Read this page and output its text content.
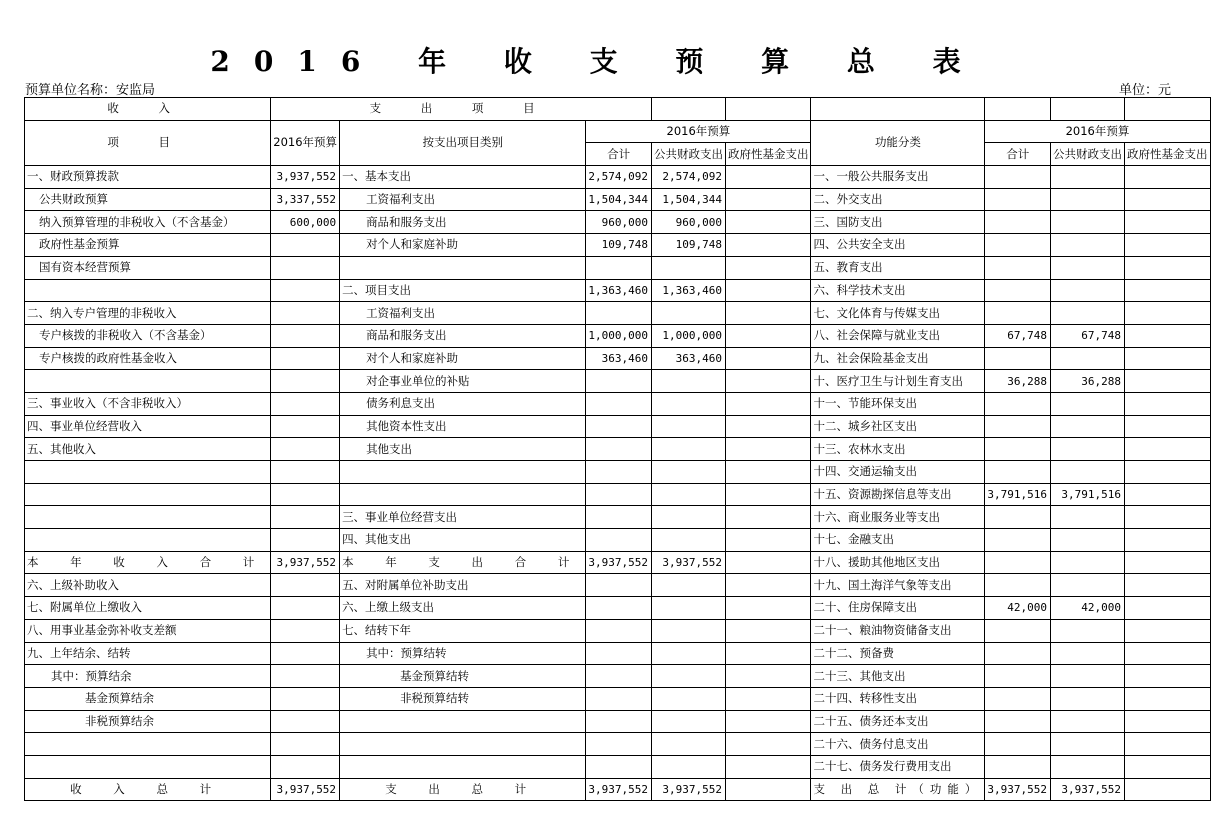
2016 年 收 支 预 算 总 表
预算单位名称：安监局	单位：元
收 入	支 出 项 目								
项 目	2016年预算	按支出项目类别	2016年预算			功能分类	2016年预算		
			合计	公共财政支出	政府性基金支出		合计	公共财政支出	政府性基金支出
一、财政预算拨款	3,937,552	一、基本支出	2,574,092	2,574,092		一、一般公共服务支出			
公共财政预算	3,337,552	工资福利支出	1,504,344	1,504,344		二、外交支出			
纳入预算管理的非税收入（不含基金）	600,000	商品和服务支出	960,000	960,000		三、国防支出			
政府性基金预算		对个人和家庭补助	109,748	109,748		四、公共安全支出			
国有资本经营预算						五、教育支出			
		二、项目支出	1,363,460	1,363,460		六、科学技术支出			
二、纳入专户管理的非税收入		工资福利支出				七、文化体育与传媒支出			
专户核拨的非税收入（不含基金）		商品和服务支出	1,000,000	1,000,000		八、社会保障与就业支出	67,748	67,748	
专户核拨的政府性基金收入		对个人和家庭补助	363,460	363,460		九、社会保险基金支出			
		对企事业单位的补贴				十、医疗卫生与计划生育支出	36,288	36,288	
三、事业收入（不含非税收入）		债务利息支出				十一、节能环保支出			
四、事业单位经营收入		其他资本性支出				十二、城乡社区支出			
五、其他收入		其他支出				十三、农林水支出			
						十四、交通运输支出			
						十五、资源勘探信息等支出	3,791,516	3,791,516	
		三、事业单位经营支出				十六、商业服务业等支出			
		四、其他支出				十七、金融支出			
本 年 收 入 合 计	3,937,552	本 年 支 出 合 计	3,937,552	3,937,552		十八、援助其他地区支出			
六、上级补助收入		五、对附属单位补助支出				十九、国土海洋气象等支出			
七、附属单位上缴收入		六、上缴上级支出				二十、住房保障支出	42,000	42,000	
八、用事业基金弥补收支差额		七、结转下年				二十一、粮油物资储备支出			
九、上年结余、结转		其中：预算结转				二十二、预备费			
其中：预算结余		基金预算结转				二十三、其他支出			
基金预算结余		非税预算结转				二十四、转移性支出			
非税预算结余						二十五、债务还本支出			
						二十六、债务付息支出			
						二十七、债务发行费用支出			
收 入 总 计	3,937,552	支 出 总 计	3,937,552	3,937,552		支 出 总 计（功能）	3,937,552	3,937,552	
